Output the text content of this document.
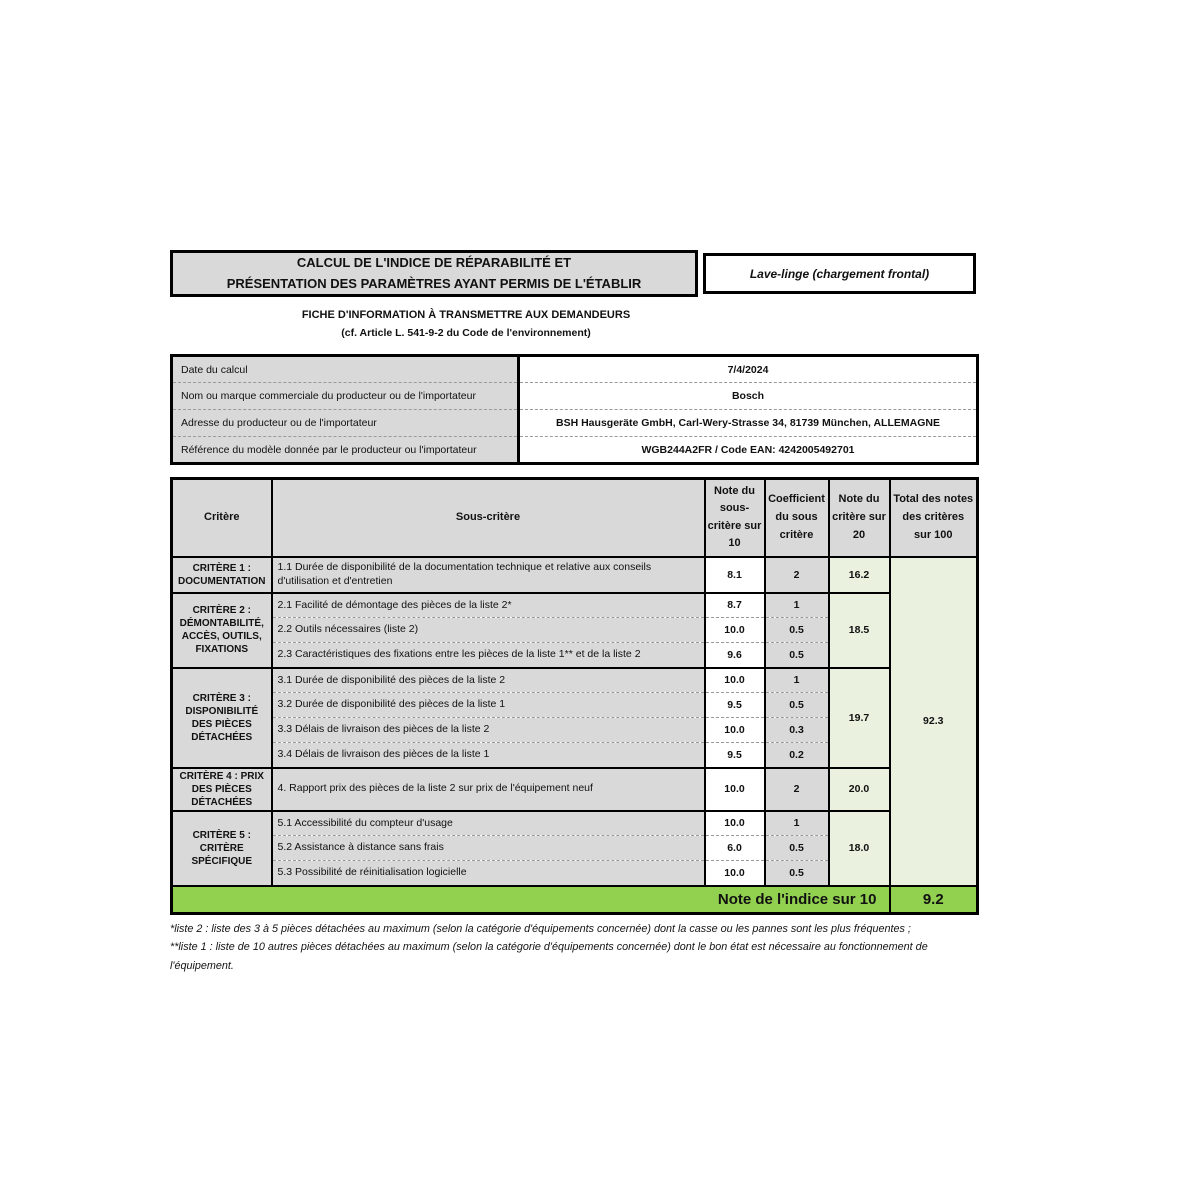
CALCUL DE L'INDICE DE RÉPARABILITÉ ET
PRÉSENTATION DES PARAMÈTRES AYANT PERMIS DE L'ÉTABLIR
Lave-linge (chargement frontal)
FICHE D'INFORMATION À TRANSMETTRE AUX DEMANDEURS
(cf. Article L. 541-9-2 du Code de l'environnement)
Date du calcul	7/4/2024
Nom ou marque commerciale du producteur ou de l'importateur	Bosch
Adresse du producteur ou de l'importateur	BSH Hausgeräte GmbH, Carl-Wery-Strasse 34, 81739 München, ALLEMAGNE
Référence du modèle donnée par le producteur ou l'importateur	WGB244A2FR / Code EAN: 4242005492701
Critère	Sous-critère	Note du sous-critère sur 10	Coefficient du sous critère	Note du critère sur 20	Total des notes des critères sur 100
CRITÈRE 1 : DOCUMENTATION	1.1 Durée de disponibilité de la documentation technique et relative aux conseils d'utilisation et d'entretien	8.1	2	16.2	92.3
CRITÈRE 2 : DÉMONTABILITÉ, ACCÈS, OUTILS, FIXATIONS	2.1 Facilité de démontage des pièces de la liste 2*	8.7	1	18.5	
	2.2 Outils nécessaires (liste 2)	10.0	0.5		
	2.3 Caractéristiques des fixations entre les pièces de la liste 1** et de la liste 2	9.6	0.5		
CRITÈRE 3 : DISPONIBILITÉ DES PIÈCES DÉTACHÉES	3.1 Durée de disponibilité des pièces de la liste 2	10.0	1	19.7	
	3.2 Durée de disponibilité des pièces de la liste 1	9.5	0.5		
	3.3 Délais de livraison des pièces de la liste 2	10.0	0.3		
	3.4 Délais de livraison des pièces de la liste 1	9.5	0.2		
CRITÈRE 4 : PRIX DES PIÈCES DÉTACHÉES	4. Rapport prix des pièces de la liste 2 sur prix de l'équipement neuf	10.0	2	20.0	
CRITÈRE 5 : CRITÈRE SPÉCIFIQUE	5.1 Accessibilité du compteur d'usage	10.0	1	18.0	
	5.2 Assistance à distance sans frais	6.0	0.5		
	5.3 Possibilité de réinitialisation logicielle	10.0	0.5		
Note de l'indice sur 10					9.2
*liste 2 : liste des 3 à 5 pièces détachées au maximum (selon la catégorie d'équipements concernée) dont la casse ou les pannes sont les plus fréquentes ;
**liste 1 : liste de 10 autres pièces détachées au maximum (selon la catégorie d'équipements concernée) dont le bon état est nécessaire au fonctionnement de l'équipement.
